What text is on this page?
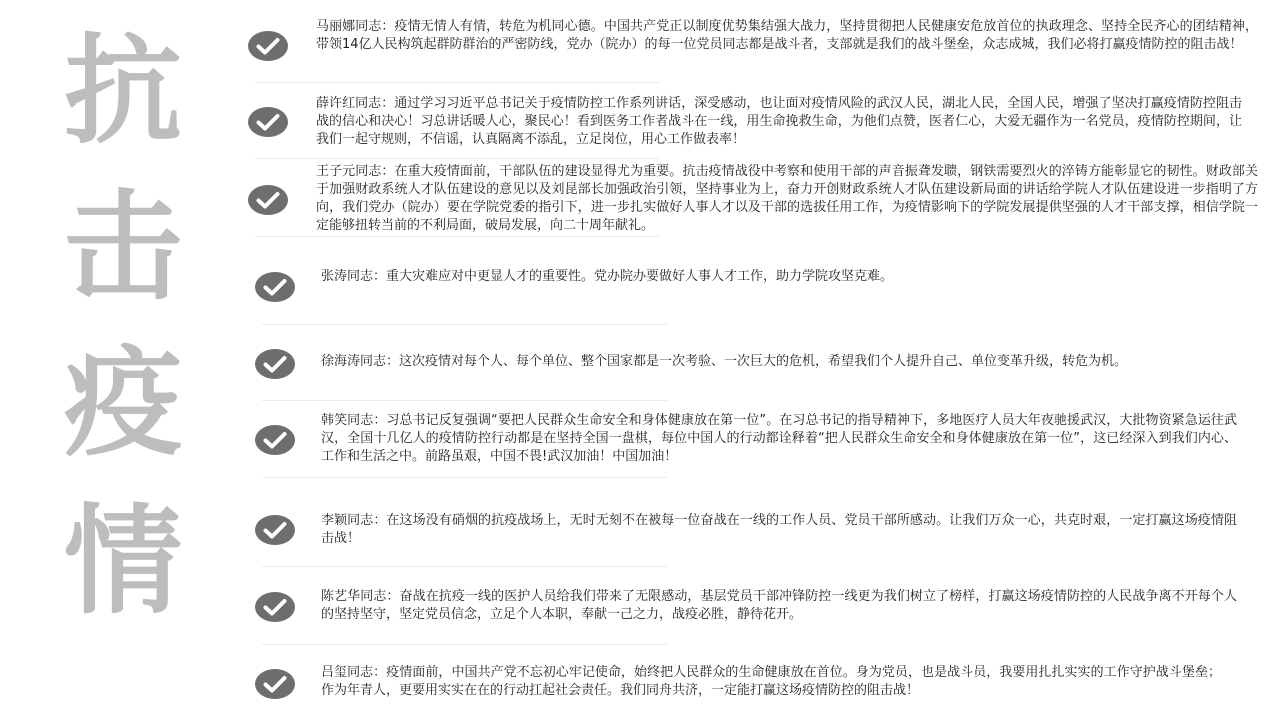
抗
击
疫
情
马丽娜同志：疫情无情人有情，转危为机同心德。中国共产党正以制度优势集结强大战力，坚持贯彻把人民健康安危放首位的执政理念、坚持全民齐心的团结精神，带领14亿人民构筑起群防群治的严密防线，党办（院办）的每一位党员同志都是战斗者，支部就是我们的战斗堡垒，众志成城，我们必将打赢疫情防控的阻击战！
薛许红同志：通过学习习近平总书记关于疫情防控工作系列讲话，深受感动，也让面对疫情风险的武汉人民，湖北人民，全国人民，增强了坚决打赢疫情防控阻击战的信心和决心！习总讲话暖人心，聚民心！看到医务工作者战斗在一线，用生命挽救生命，为他们点赞，医者仁心，大爱无疆作为一名党员，疫情防控期间，让我们一起守规则，不信谣，认真隔离不添乱，立足岗位，用心工作做表率！
王子元同志：在重大疫情面前，干部队伍的建设显得尤为重要。抗击疫情战役中考察和使用干部的声音振聋发聩，钢铁需要烈火的淬铸方能彰显它的韧性。财政部关于加强财政系统人才队伍建设的意见以及刘昆部长加强政治引领，坚持事业为上，奋力开创财政系统人才队伍建设新局面的讲话给学院人才队伍建设进一步指明了方向，我们党办（院办）要在学院党委的指引下，进一步扎实做好人事人才以及干部的选拔任用工作，为疫情影响下的学院发展提供坚强的人才干部支撑，相信学院一定能够扭转当前的不利局面，破局发展，向二十周年献礼。
张涛同志：重大灾难应对中更显人才的重要性。党办院办要做好人事人才工作，助力学院攻坚克难。
徐海涛同志：这次疫情对每个人、每个单位、整个国家都是一次考验、一次巨大的危机，希望我们个人提升自己、单位变革升级，转危为机。
韩笑同志：习总书记反复强调“要把人民群众生命安全和身体健康放在第一位”。在习总书记的指导精神下，多地医疗人员大年夜驰援武汉，大批物资紧急运往武汉，全国十几亿人的疫情防控行动都是在坚持全国一盘棋，每位中国人的行动都诠释着“把人民群众生命安全和身体健康放在第一位”，这已经深入到我们内心、工作和生活之中。前路虽艰，中国不畏!武汉加油！中国加油！
李颖同志：在这场没有硝烟的抗疫战场上，无时无刻不在被每一位奋战在一线的工作人员、党员干部所感动。让我们万众一心，共克时艰，一定打赢这场疫情阻击战！
陈艺华同志：奋战在抗疫一线的医护人员给我们带来了无限感动，基层党员干部冲锋防控一线更为我们树立了榜样，打赢这场疫情防控的人民战争离不开每个人的坚持坚守，坚定党员信念，立足个人本职，奉献一己之力，战疫必胜，静待花开。
吕玺同志：疫情面前，中国共产党不忘初心牢记使命，始终把人民群众的生命健康放在首位。身为党员，也是战斗员，我要用扎扎实实的工作守护战斗堡垒；作为年青人，更要用实实在在的行动扛起社会责任。我们同舟共济，一定能打赢这场疫情防控的阻击战！
